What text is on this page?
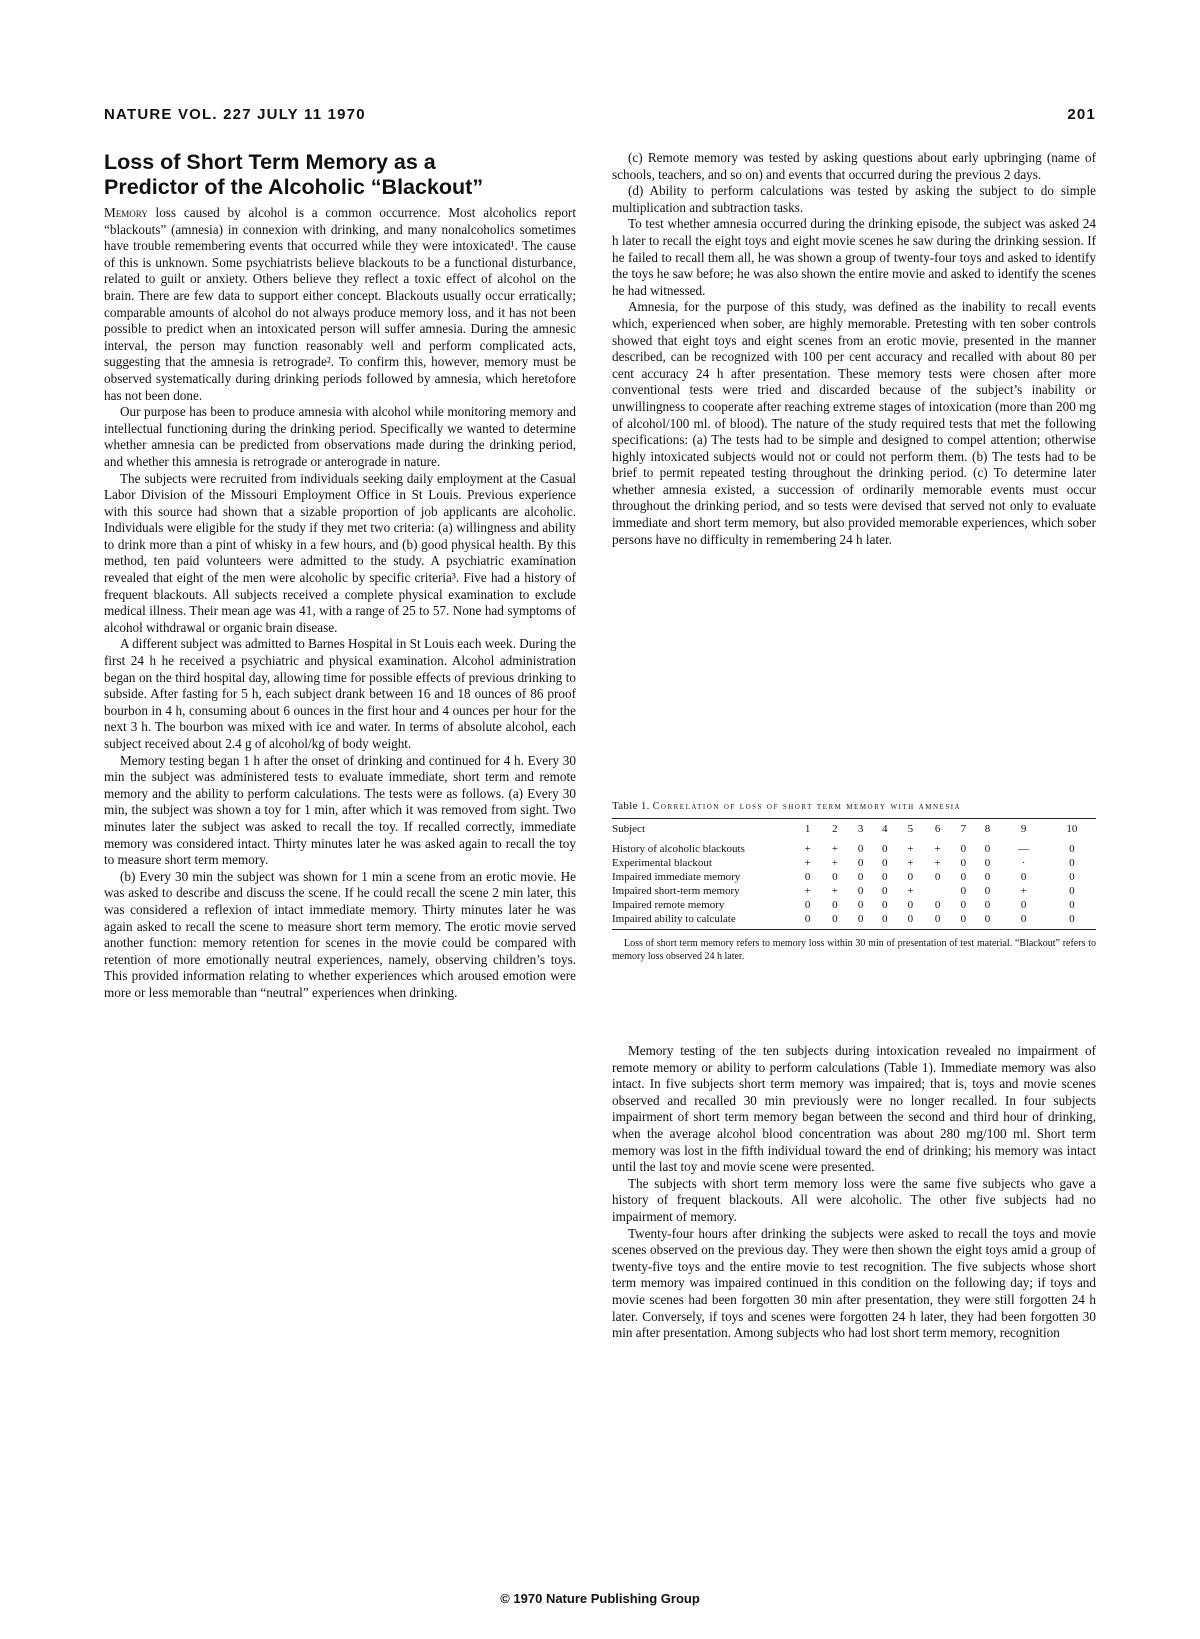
NATURE VOL. 227 JULY 11 1970	201
Loss of Short Term Memory as a
Predictor of the Alcoholic “Blackout”

Memory loss caused by alcohol is a common occurrence. Most alcoholics report “blackouts” (amnesia) in connexion with drinking, and many nonalcoholics sometimes have trouble remembering events that occurred while they were intoxicated¹. The cause of this is unknown. Some psychiatrists believe blackouts to be a functional disturbance, related to guilt or anxiety. Others believe they reflect a toxic effect of alcohol on the brain. There are few data to support either concept. Blackouts usually occur erratically; comparable amounts of alcohol do not always produce memory loss, and it has not been possible to predict when an intoxicated person will suffer amnesia. During the amnesic interval, the person may function reasonably well and perform complicated acts, suggesting that the amnesia is retrograde². To confirm this, however, memory must be observed systematically during drinking periods followed by amnesia, which heretofore has not been done.

Our purpose has been to produce amnesia with alcohol while monitoring memory and intellectual functioning during the drinking period. Specifically we wanted to determine whether amnesia can be predicted from observations made during the drinking period, and whether this amnesia is retrograde or anterograde in nature.

The subjects were recruited from individuals seeking daily employment at the Casual Labor Division of the Missouri Employment Office in St Louis. Previous experience with this source had shown that a sizable proportion of job applicants are alcoholic. Individuals were eligible for the study if they met two criteria: (a) willingness and ability to drink more than a pint of whisky in a few hours, and (b) good physical health. By this method, ten paid volunteers were admitted to the study. A psychiatric examination revealed that eight of the men were alcoholic by specific criteria³. Five had a history of frequent blackouts. All subjects received a complete physical examination to exclude medical illness. Their mean age was 41, with a range of 25 to 57. None had symptoms of alcohol withdrawal or organic brain disease.

A different subject was admitted to Barnes Hospital in St Louis each week. During the first 24 h he received a psychiatric and physical examination. Alcohol administration began on the third hospital day, allowing time for possible effects of previous drinking to subside. After fasting for 5 h, each subject drank between 16 and 18 ounces of 86 proof bourbon in 4 h, consuming about 6 ounces in the first hour and 4 ounces per hour for the next 3 h. The bourbon was mixed with ice and water. In terms of absolute alcohol, each subject received about 2.4 g of alcohol/kg of body weight.

Memory testing began 1 h after the onset of drinking and continued for 4 h. Every 30 min the subject was administered tests to evaluate immediate, short term and remote memory and the ability to perform calculations. The tests were as follows. (a) Every 30 min, the subject was shown a toy for 1 min, after which it was removed from sight. Two minutes later the subject was asked to recall the toy. If recalled correctly, immediate memory was considered intact. Thirty minutes later he was asked again to recall the toy to measure short term memory.

(b) Every 30 min the subject was shown for 1 min a scene from an erotic movie. He was asked to describe and discuss the scene. If he could recall the scene 2 min later, this was considered a reflexion of intact immediate memory. Thirty minutes later he was again asked to recall the scene to measure short term memory. The erotic movie served another function: memory retention for scenes in the movie could be compared with retention of more emotionally neutral experiences, namely, observing children’s toys. This provided information relating to whether experiences which aroused emotion were more or less memorable than “neutral” experiences when drinking.

(c) Remote memory was tested by asking questions about early upbringing (name of schools, teachers, and so on) and events that occurred during the previous 2 days.

(d) Ability to perform calculations was tested by asking the subject to do simple multiplication and subtraction tasks.

To test whether amnesia occurred during the drinking episode, the subject was asked 24 h later to recall the eight toys and eight movie scenes he saw during the drinking session. If he failed to recall them all, he was shown a group of twenty-four toys and asked to identify the toys he saw before; he was also shown the entire movie and asked to identify the scenes he had witnessed.

Amnesia, for the purpose of this study, was defined as the inability to recall events which, experienced when sober, are highly memorable. Pretesting with ten sober controls showed that eight toys and eight scenes from an erotic movie, presented in the manner described, can be recognized with 100 per cent accuracy and recalled with about 80 per cent accuracy 24 h after presentation. These memory tests were chosen after more conventional tests were tried and discarded because of the subject’s inability or unwillingness to cooperate after reaching extreme stages of intoxication (more than 200 mg of alcohol/100 ml. of blood). The nature of the study required tests that met the following specifications: (a) The tests had to be simple and designed to compel attention; otherwise highly intoxicated subjects would not or could not perform them. (b) The tests had to be brief to permit repeated testing throughout the drinking period. (c) To determine later whether amnesia existed, a succession of ordinarily memorable events must occur throughout the drinking period, and so tests were devised that served not only to evaluate immediate and short term memory, but also provided memorable experiences, which sober persons have no difficulty in remembering 24 h later.

Table 1. Correlation of loss of short term memory with amnesia
Subject	1	2	3	4	5	6	7	8	9	10
History of alcoholic blackouts	+	+	0	0	+	+	0	0	—	0
Experimental blackout	+	+	0	0	+	+	0	0	·	0
Impaired immediate memory	0	0	0	0	0	0	0	0	0	0
Impaired short-term memory	+	+	0	0	+		0	0	+	0
Impaired remote memory	0	0	0	0	0	0	0	0	0	0
Impaired ability to calculate	0	0	0	0	0	0	0	0	0	0
Loss of short term memory refers to memory loss within 30 min of presentation of test material. “Blackout” refers to memory loss observed 24 h later.

Memory testing of the ten subjects during intoxication revealed no impairment of remote memory or ability to perform calculations (Table 1). Immediate memory was also intact. In five subjects short term memory was impaired; that is, toys and movie scenes observed and recalled 30 min previously were no longer recalled. In four subjects impairment of short term memory began between the second and third hour of drinking, when the average alcohol blood concentration was about 280 mg/100 ml. Short term memory was lost in the fifth individual toward the end of drinking; his memory was intact until the last toy and movie scene were presented.

The subjects with short term memory loss were the same five subjects who gave a history of frequent blackouts. All were alcoholic. The other five subjects had no impairment of memory.

Twenty-four hours after drinking the subjects were asked to recall the toys and movie scenes observed on the previous day. They were then shown the eight toys amid a group of twenty-five toys and the entire movie to test recognition. The five subjects whose short term memory was impaired continued in this condition on the following day; if toys and movie scenes had been forgotten 30 min after presentation, they were still forgotten 24 h later. Conversely, if toys and scenes were forgotten 24 h later, they had been forgotten 30 min after presentation. Among subjects who had lost short term memory, recognition

© 1970 Nature Publishing Group
